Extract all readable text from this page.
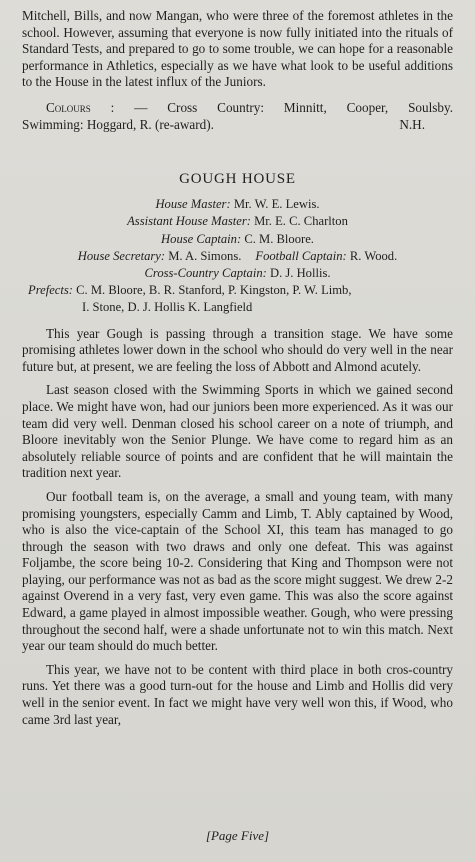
Mitchell, Bills, and now Mangan, who were three of the foremost athletes in the school. However, assuming that everyone is now fully initiated into the rituals of Standard Tests, and prepared to go to some trouble, we can hope for a reasonable performance in Athletics, especially as we have what look to be useful additions to the House in the latest influx of the Juniors.

Colours : — Cross Country: Minnitt, Cooper, Soulsby.

Swimming: Hoggard, R. (re-award).	N.H.

GOUGH HOUSE

House Master: Mr. W. E. Lewis.

Assistant House Master: Mr. E. C. Charlton

House Captain: C. M. Bloore.

House Secretary: M. A. Simons. Football Captain: R. Wood.

Cross-Country Captain: D. J. Hollis.

Prefects: C. M. Bloore, B. R. Stanford, P. Kingston, P. W. Limb,

I. Stone, D. J. Hollis K. Langfield

This year Gough is passing through a transition stage. We have some promising athletes lower down in the school who should do very well in the near future but, at present, we are feeling the loss of Abbott and Almond acutely.

Last season closed with the Swimming Sports in which we gained second place. We might have won, had our juniors been more experienced. As it was our team did very well. Denman closed his school career on a note of triumph, and Bloore inevitably won the Senior Plunge. We have come to regard him as an absolutely reliable source of points and are confident that he will maintain the tradition next year.

Our football team is, on the average, a small and young team, with many promising youngsters, especially Camm and Limb, T. Ably captained by Wood, who is also the vice-captain of the School XI, this team has managed to go through the season with two draws and only one defeat. This was against Foljambe, the score being 10-2. Considering that King and Thompson were not playing, our performance was not as bad as the score might suggest. We drew 2-2 against Overend in a very fast, very even game. This was also the score against Edward, a game played in almost impossible weather. Gough, who were pressing throughout the second half, were a shade unfortunate not to win this match. Next year our team should do much better.

This year, we have not to be content with third place in both cros-country runs. Yet there was a good turn-out for the house and Limb and Hollis did very well in the senior event. In fact we might have very well won this, if Wood, who came 3rd last year,

[Page Five]
